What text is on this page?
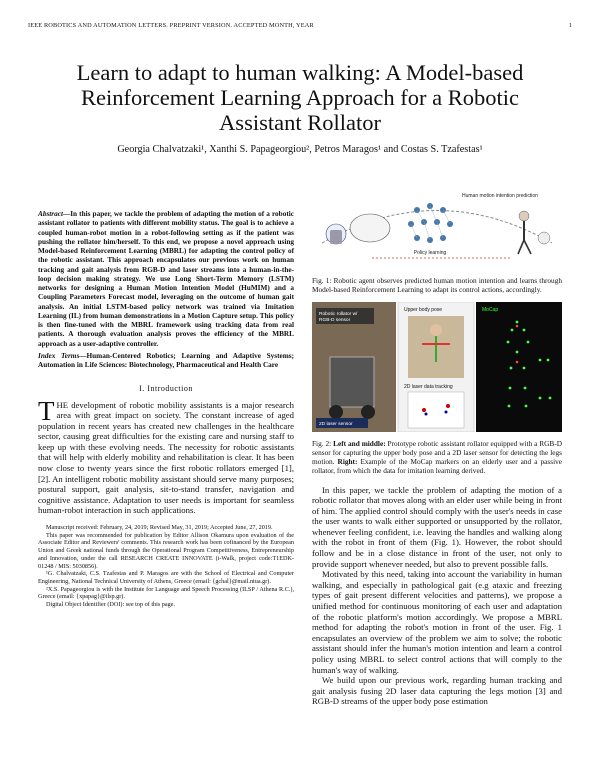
IEEE ROBOTICS AND AUTOMATION LETTERS. PREPRINT VERSION. ACCEPTED MONTH, YEAR	1
Learn to adapt to human walking: A Model-based Reinforcement Learning Approach for a Robotic Assistant Rollator
Georgia Chalvatzaki¹, Xanthi S. Papageorgiou², Petros Maragos¹ and Costas S. Tzafestas¹

Abstract—In this paper, we tackle the problem of adapting the motion of a robotic assistant rollator to patients with different mobility status. The goal is to achieve a coupled human-robot motion in a robot-following setting as if the patient was pushing the rollator him/herself. To this end, we propose a novel approach using Model-based Reinforcement Learning (MBRL) for adapting the control policy of the robotic assistant. This approach encapsulates our previous work on human tracking and gait analysis from RGB-D and laser streams into a human-in-the-loop decision making strategy. We use Long Short-Term Memory (LSTM) networks for designing a Human Motion Intention Model (HuMIM) and a Coupling Parameters Forecast model, leveraging on the outcome of human gait analysis. An initial LSTM-based policy network was trained via Imitation Learning (IL) from human demonstrations in a Motion Capture setup. This policy is then fine-tuned with the MBRL framework using tracking data from real patients. A thorough evaluation analysis proves the efficiency of the MBRL approach as a user-adaptive controller.

Index Terms—Human-Centered Robotics; Learning and Adaptive Systems; Automation in Life Sciences: Biotechnology, Pharmaceutical and Health Care

I. Introduction

THE development of robotic mobility assistants is a major research area with great impact on society. The constant increase of aged population in recent years has created new challenges in the healthcare sector, causing great difficulties for the existing care and nursing staff to keep up with these evolving needs. The necessity for robotic assistants that will help with elderly mobility and rehabilitation is clear. It has been now close to twenty years since the first robotic rollators emerged [1], [2]. An intelligent robotic mobility assistant should serve many purposes; postural support, gait analysis, sit-to-stand transfer, navigation and cognitive assistance. Adaptation to user needs is important for seamless human-robot interaction in such applications.

Manuscript received: February, 24, 2019; Revised May, 31, 2019; Accepted June, 27, 2019.

This paper was recommended for publication by Editor Allison Okamura upon evaluation of the Associate Editor and Reviewers' comments. This research work has been cofinanced by the European Union and Greek national funds through the Operational Program Competitiveness, Entrepreneurship and Innovation, under the call RESEARCH CREATE INNOVATE (i-Walk, project code:T1EDK- 01248 / MIS: 5030856).

¹G. Chalvatzaki, C.S. Tzafestas and P. Maragos are with the School of Electrical and Computer Engineering, National Technical University of Athens, Greece (email: {gchal}@mail.ntua.gr).

²X.S. Papageorgiou is with the Institute for Language and Speech Processing (ILSP / Athena R.C.), Greece (email: {xpapag}@ilsp.gr).

Digital Object Identifier (DOI): see top of this page.

Policy learning
Human motion intention prediction
Fig. 1: Robotic agent observes predicted human motion intention and learns through Model-based Reinforcement Learning to adapt its control actions, accordingly.
Robotic rollator w/
RGB-D sensor
2D laser sensor
Upper body pose
2D laser data tracking
MoCap
Fig. 2: Left and middle: Prototype robotic assistant rollator equipped with a RGB-D sensor for capturing the upper body pose and a 2D laser sensor for detecting the legs motion. Right: Example of the MoCap markers on an elderly user and a passive rollator, from which the data for imitation learning derived.

In this paper, we tackle the problem of adapting the motion of a robotic rollator that moves along with an elder user while being in front of him. The applied control should comply with the user's needs in case the user wants to walk either supported or unsupported by the rollator, whenever feeling confident, i.e. leaving the handles and walking along with the robot in front of them (Fig. 1). However, the robot should follow and be in a close distance in front of the user, not only to provide support whenever needed, but also to prevent possible falls.

Motivated by this need, taking into account the variability in human walking, and especially in pathological gait (e.g ataxic and freezing types of gait present different velocities and patterns), we propose a unified method for continuous monitoring of each user and adaptation of the robotic platform's motion accordingly. We propose a MBRL method for adapting the robot's motion in front of the user. Fig. 1 encapsulates an overview of the problem we aim to solve; the robotic assistant should infer the human's motion intention and learn a control policy using MBRL to select control actions that will comply to the human's way of walking.

We build upon our previous work, regarding human tracking and gait analysis fusing 2D laser data capturing the legs motion [3] and RGB-D streams of the upper body pose estimation
